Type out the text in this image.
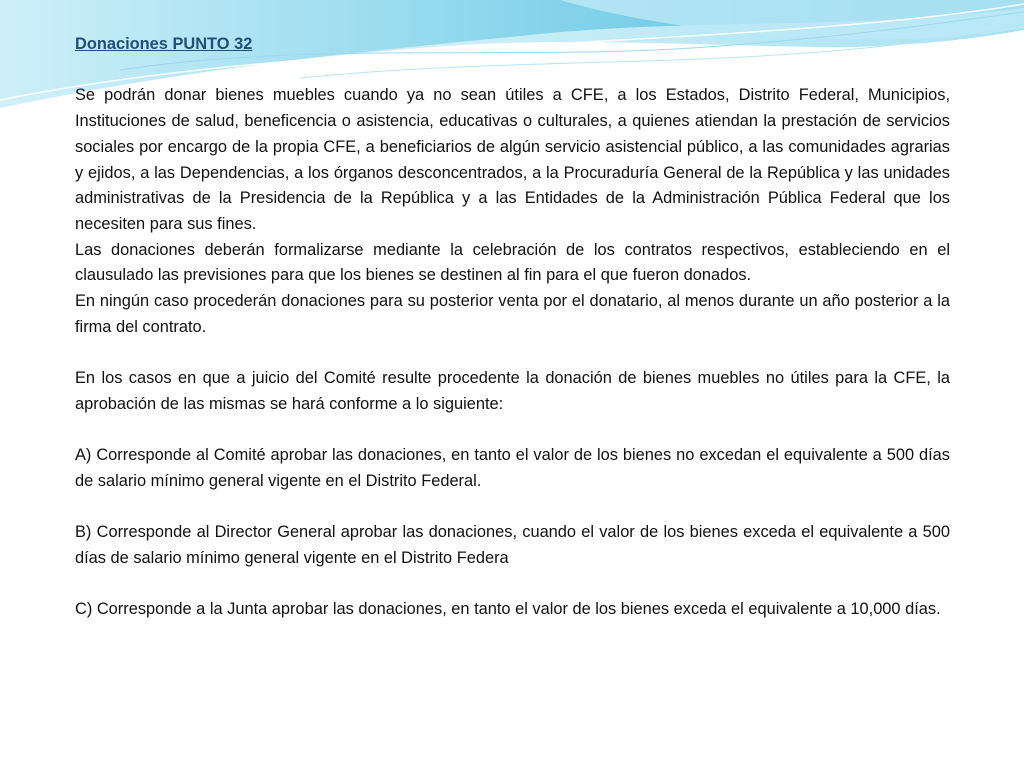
Donaciones PUNTO 32

Se podrán donar bienes muebles cuando ya no sean útiles a CFE, a los Estados, Distrito Federal, Municipios, Instituciones de salud, beneficencia o asistencia, educativas o culturales, a quienes atiendan la prestación de servicios sociales por encargo de la propia CFE, a beneficiarios de algún servicio asistencial público, a las comunidades agrarias y ejidos, a las Dependencias, a los órganos desconcentrados, a la Procuraduría General de la República y las unidades administrativas de la Presidencia de la República y a las Entidades de la Administración Pública Federal que los necesiten para sus fines.

Las donaciones deberán formalizarse mediante la celebración de los contratos respectivos, estableciendo en el clausulado las previsiones para que los bienes se destinen al fin para el que fueron donados.

En ningún caso procederán donaciones para su posterior venta por el donatario, al menos durante un año posterior a la firma del contrato.

En los casos en que a juicio del Comité resulte procedente la donación de bienes muebles no útiles para la CFE, la aprobación de las mismas se hará conforme a lo siguiente:

A) Corresponde al Comité aprobar las donaciones, en tanto el valor de los bienes no excedan el equivalente a 500 días de salario mínimo general vigente en el Distrito Federal.

B) Corresponde al Director General aprobar las donaciones, cuando el valor de los bienes exceda el equivalente a 500 días de salario mínimo general vigente en el Distrito Federa

C) Corresponde a la Junta aprobar las donaciones, en tanto el valor de los bienes exceda el equivalente a 10,000 días.
